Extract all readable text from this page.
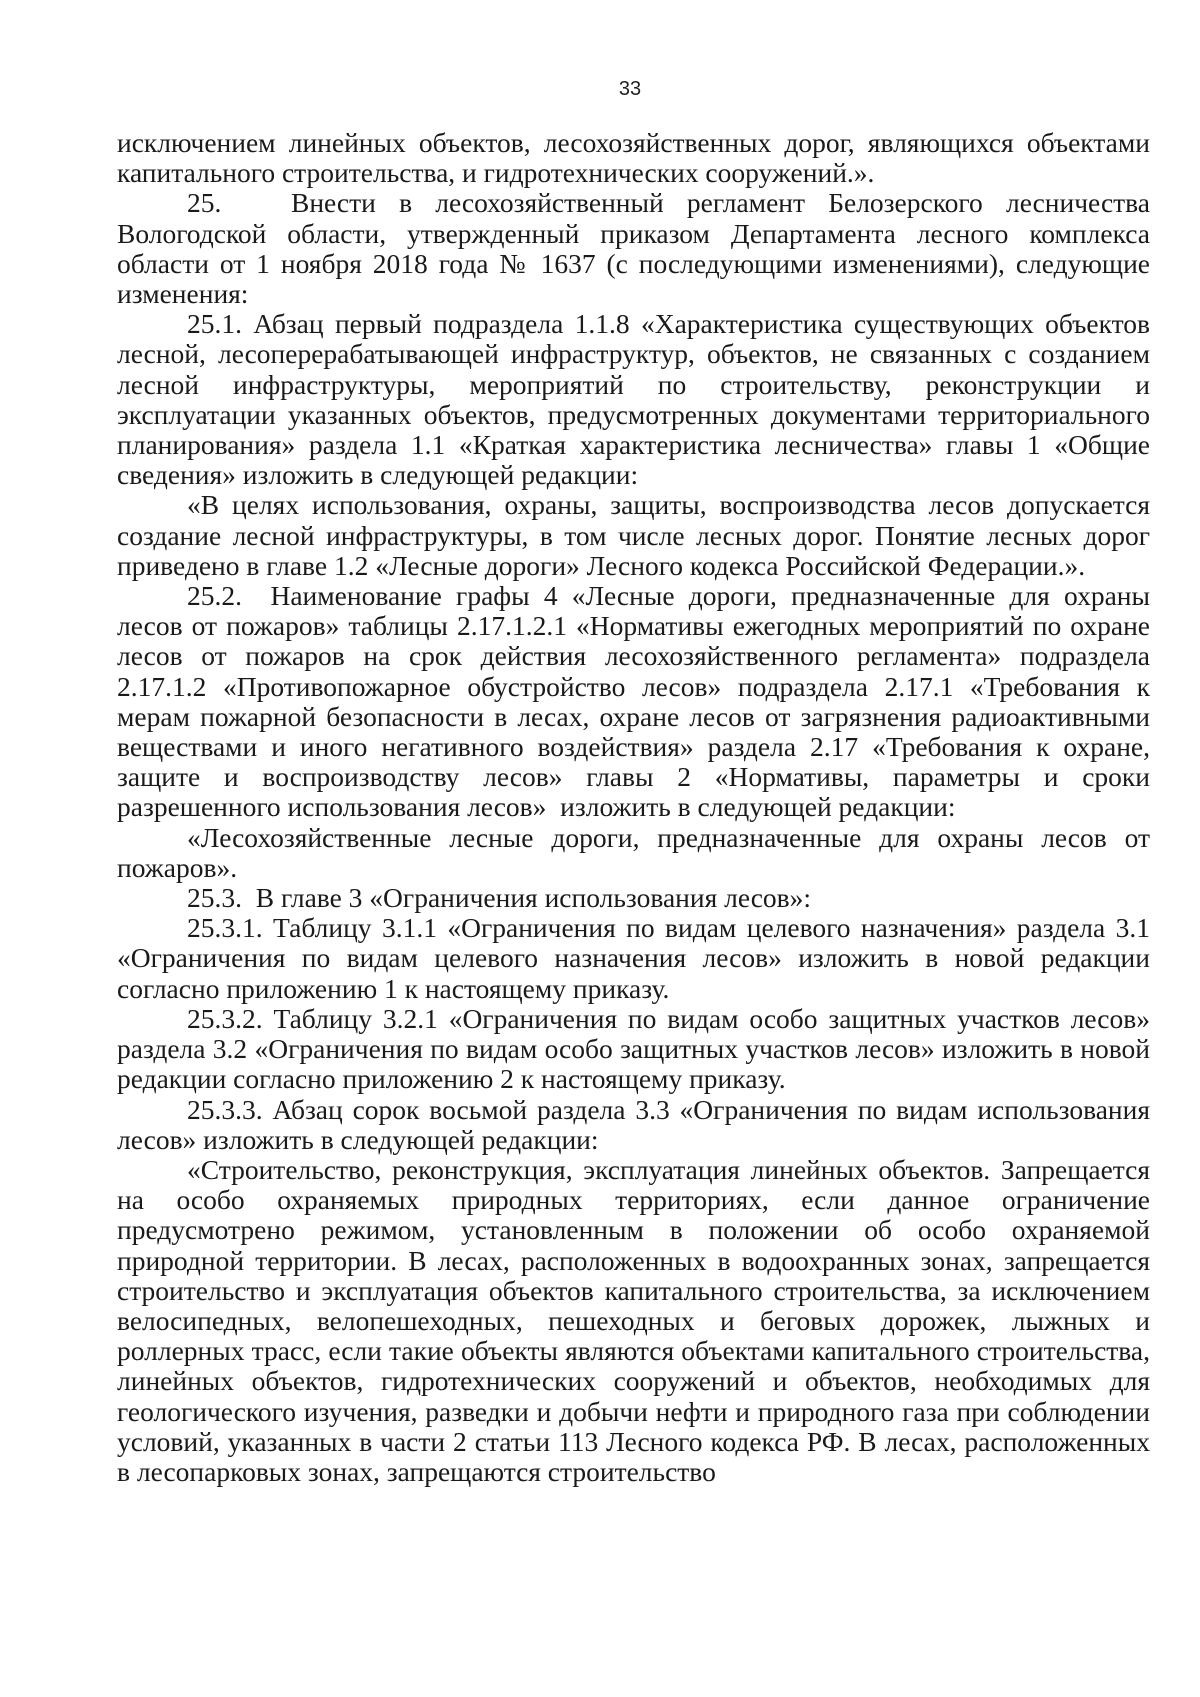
33

исключением линейных объектов, лесохозяйственных дорог, являющихся объектами капитального строительства, и гидротехнических сооружений.».

25.   Внести в лесохозяйственный регламент Белозерского лесничества Вологодской области, утвержденный приказом Департамента лесного комплекса области от 1 ноября 2018 года № 1637 (с последующими изменениями), следующие изменения:

25.1. Абзац первый подраздела 1.1.8 «Характеристика существующих объектов лесной, лесоперерабатывающей инфраструктур, объектов, не связанных с созданием лесной инфраструктуры, мероприятий по строительству, реконструкции и эксплуатации указанных объектов, предусмотренных документами территориального планирования» раздела 1.1 «Краткая характеристика лесничества» главы 1 «Общие сведения» изложить в следующей редакции:

«В целях использования, охраны, защиты, воспроизводства лесов допускается создание лесной инфраструктуры, в том числе лесных дорог. Понятие лесных дорог приведено в главе 1.2 «Лесные дороги» Лесного кодекса Российской Федерации.».

25.2.  Наименование графы 4 «Лесные дороги, предназначенные для охраны лесов от пожаров» таблицы 2.17.1.2.1 «Нормативы ежегодных мероприятий по охране лесов от пожаров на срок действия лесохозяйственного регламента» подраздела 2.17.1.2 «Противопожарное обустройство лесов» подраздела 2.17.1 «Требования к мерам пожарной безопасности в лесах, охране лесов от загрязнения радиоактивными веществами и иного негативного воздействия» раздела 2.17 «Требования к охране, защите и воспроизводству лесов» главы 2 «Нормативы, параметры и сроки разрешенного использования лесов»  изложить в следующей редакции:

«Лесохозяйственные лесные дороги, предназначенные для охраны лесов от пожаров».

25.3.  В главе 3 «Ограничения использования лесов»:

25.3.1. Таблицу 3.1.1 «Ограничения по видам целевого назначения» раздела 3.1 «Ограничения по видам целевого назначения лесов» изложить в новой редакции согласно приложению 1 к настоящему приказу.

25.3.2. Таблицу 3.2.1 «Ограничения по видам особо защитных участков лесов» раздела 3.2 «Ограничения по видам особо защитных участков лесов» изложить в новой редакции согласно приложению 2 к настоящему приказу.

25.3.3. Абзац сорок восьмой раздела 3.3 «Ограничения по видам использования лесов» изложить в следующей редакции:

«Строительство, реконструкция, эксплуатация линейных объектов. Запрещается на особо охраняемых природных территориях, если данное ограничение предусмотрено режимом, установленным в положении об особо охраняемой природной территории. В лесах, расположенных в водоохранных зонах, запрещается строительство и эксплуатация объектов капитального строительства, за исключением велосипедных, велопешеходных, пешеходных и беговых дорожек, лыжных и роллерных трасс, если такие объекты являются объектами капитального строительства, линейных объектов, гидротехнических сооружений и объектов, необходимых для геологического изучения, разведки и добычи нефти и природного газа при соблюдении условий, указанных в части 2 статьи 113 Лесного кодекса РФ. В лесах, расположенных в лесопарковых зонах, запрещаются строительство
